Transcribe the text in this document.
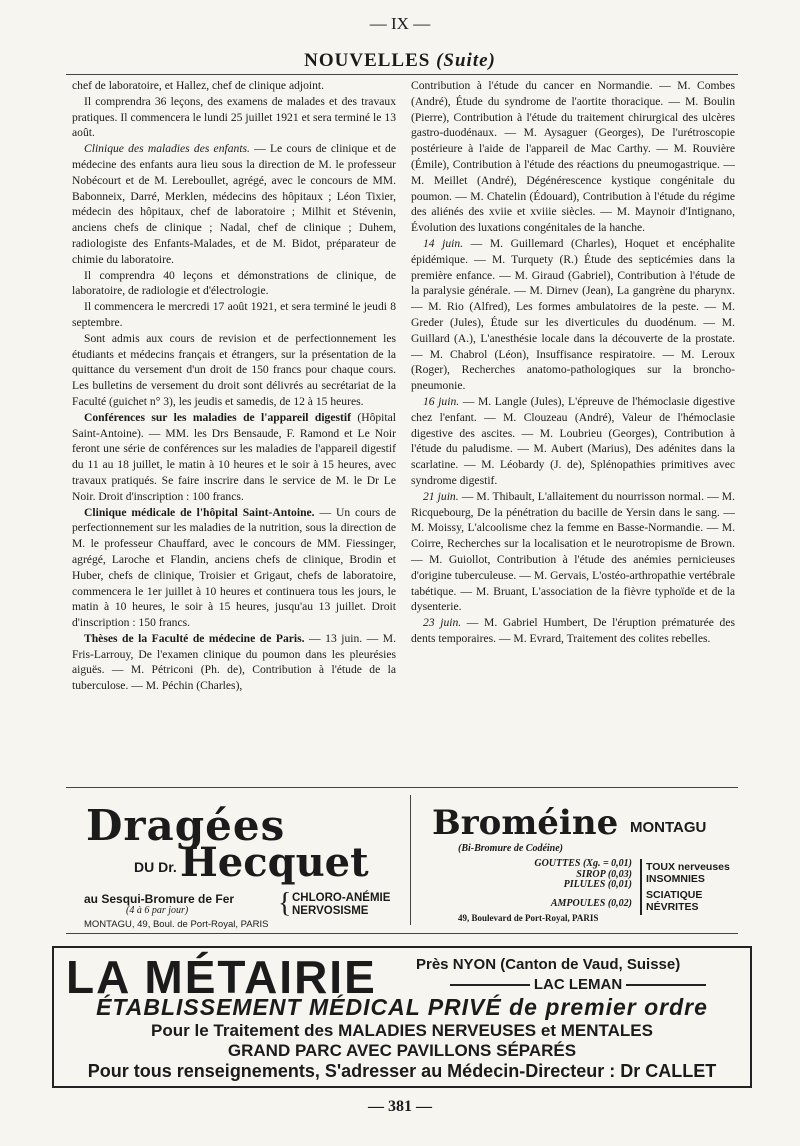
— IX —
NOUVELLES (Suite)

chef de laboratoire, et Hallez, chef de clinique adjoint.

Il comprendra 36 leçons, des examens de malades et des travaux pratiques. Il commencera le lundi 25 juillet 1921 et sera terminé le 13 août.

Clinique des maladies des enfants. — Le cours de clinique et de médecine des enfants aura lieu sous la direction de M. le professeur Nobécourt et de M. Lereboullet, agrégé, avec le concours de MM. Babonneix, Darré, Merklen, médecins des hôpitaux ; Léon Tixier, médecin des hôpitaux, chef de laboratoire ; Milhit et Stévenin, anciens chefs de clinique ; Nadal, chef de clinique ; Duhem, radiologiste des Enfants-Malades, et de M. Bidot, préparateur de chimie du laboratoire.

Il comprendra 40 leçons et démonstrations de clinique, de laboratoire, de radiologie et d'électrologie.

Il commencera le mercredi 17 août 1921, et sera terminé le jeudi 8 septembre.

Sont admis aux cours de revision et de perfectionnement les étudiants et médecins français et étrangers, sur la présentation de la quittance du versement d'un droit de 150 francs pour chaque cours. Les bulletins de versement du droit sont délivrés au secrétariat de la Faculté (guichet n° 3), les jeudis et samedis, de 12 à 15 heures.

Conférences sur les maladies de l'appareil digestif (Hôpital Saint-Antoine). — MM. les Drs Bensaude, F. Ramond et Le Noir feront une série de conférences sur les maladies de l'appareil digestif du 11 au 18 juillet, le matin à 10 heures et le soir à 15 heures, avec travaux pratiqués. Se faire inscrire dans le service de M. le Dr Le Noir. Droit d'inscription : 100 francs.

Clinique médicale de l'hôpital Saint-Antoine. — Un cours de perfectionnement sur les maladies de la nutrition, sous la direction de M. le professeur Chauffard, avec le concours de MM. Fiessinger, agrégé, Laroche et Flandin, anciens chefs de clinique, Brodin et Huber, chefs de clinique, Troisier et Grigaut, chefs de laboratoire, commencera le 1er juillet à 10 heures et continuera tous les jours, le matin à 10 heures, le soir à 15 heures, jusqu'au 13 juillet. Droit d'inscription : 150 francs.

Thèses de la Faculté de médecine de Paris. — 13 juin. — M. Fris-Larrouy, De l'examen clinique du poumon dans les pleurésies aiguës. — M. Pétriconi (Ph. de), Contribution à l'étude de la tuberculose. — M. Péchin (Charles),

Contribution à l'étude du cancer en Normandie. — M. Combes (André), Étude du syndrome de l'aortite thoracique. — M. Boulin (Pierre), Contribution à l'étude du traitement chirurgical des ulcères gastro-duodénaux. — M. Aysaguer (Georges), De l'urétroscopie postérieure à l'aide de l'appareil de Mac Carthy. — M. Rouvière (Émile), Contribution à l'étude des réactions du pneumogastrique. — M. Meillet (André), Dégénérescence kystique congénitale du poumon. — M. Chatelin (Édouard), Contribution à l'étude du régime des aliénés des xviie et xviiie siècles. — M. Maynoir d'Intignano, Évolution des luxations congénitales de la hanche.

14 juin. — M. Guillemard (Charles), Hoquet et encéphalite épidémique. — M. Turquety (R.) Étude des septicémies dans la première enfance. — M. Giraud (Gabriel), Contribution à l'étude de la paralysie générale. — M. Dirnev (Jean), La gangrène du pharynx. — M. Rio (Alfred), Les formes ambulatoires de la peste. — M. Greder (Jules), Étude sur les diverticules du duodénum. — M. Guillard (A.), L'anesthésie locale dans la découverte de la prostate. — M. Chabrol (Léon), Insuffisance respiratoire. — M. Leroux (Roger), Recherches anatomo-pathologiques sur la broncho-pneumonie.

16 juin. — M. Langle (Jules), L'épreuve de l'hémoclasie digestive chez l'enfant. — M. Clouzeau (André), Valeur de l'hémoclasie digestive des ascites. — M. Loubrieu (Georges), Contribution à l'étude du paludisme. — M. Aubert (Marius), Des adénites dans la scarlatine. — M. Léobardy (J. de), Splénopathies primitives avec syndrome digestif.

21 juin. — M. Thibault, L'allaitement du nourrisson normal. — M. Ricquebourg, De la pénétration du bacille de Yersin dans le sang. — M. Moissy, L'alcoolisme chez la femme en Basse-Normandie. — M. Coirre, Recherches sur la localisation et le neurotropisme de Brown. — M. Guiollot, Contribution à l'étude des anémies pernicieuses d'origine tuberculeuse. — M. Gervais, L'ostéo-arthropathie vertébrale tabétique. — M. Bruant, L'association de la fièvre typhoïde et de la dysenterie.

23 juin. — M. Gabriel Humbert, De l'éruption prématurée des dents temporaires. — M. Evrard, Traitement des colites rebelles.

Dragées
DU Dr. Hecquet
au Sesqui-Bromure de Fer
(4 à 6 par jour)	{ CHLORO-ANÉMIE
NERVOSISME
MONTAGU, 49, Boul. de Port-Royal, PARIS
Broméine MONTAGU
(Bi-Bromure de Codéine)
GOUTTES (Xg. = 0,01)
SIROP (0,03)
PILULES (0,01)
AMPOULES (0,02)
TOUX nerveuses
INSOMNIES
SCIATIQUE
NÉVRITES
49, Boulevard de Port-Royal, PARIS
LA MÉTAIRIE	Près NYON (Canton de Vaud, Suisse)
LAC LEMAN
ÉTABLISSEMENT MÉDICAL PRIVÉ de premier ordre
Pour le Traitement des MALADIES NERVEUSES et MENTALES
GRAND PARC AVEC PAVILLONS SÉPARÉS
Pour tous renseignements, S'adresser au Médecin-Directeur : Dr CALLET
— 381 —
